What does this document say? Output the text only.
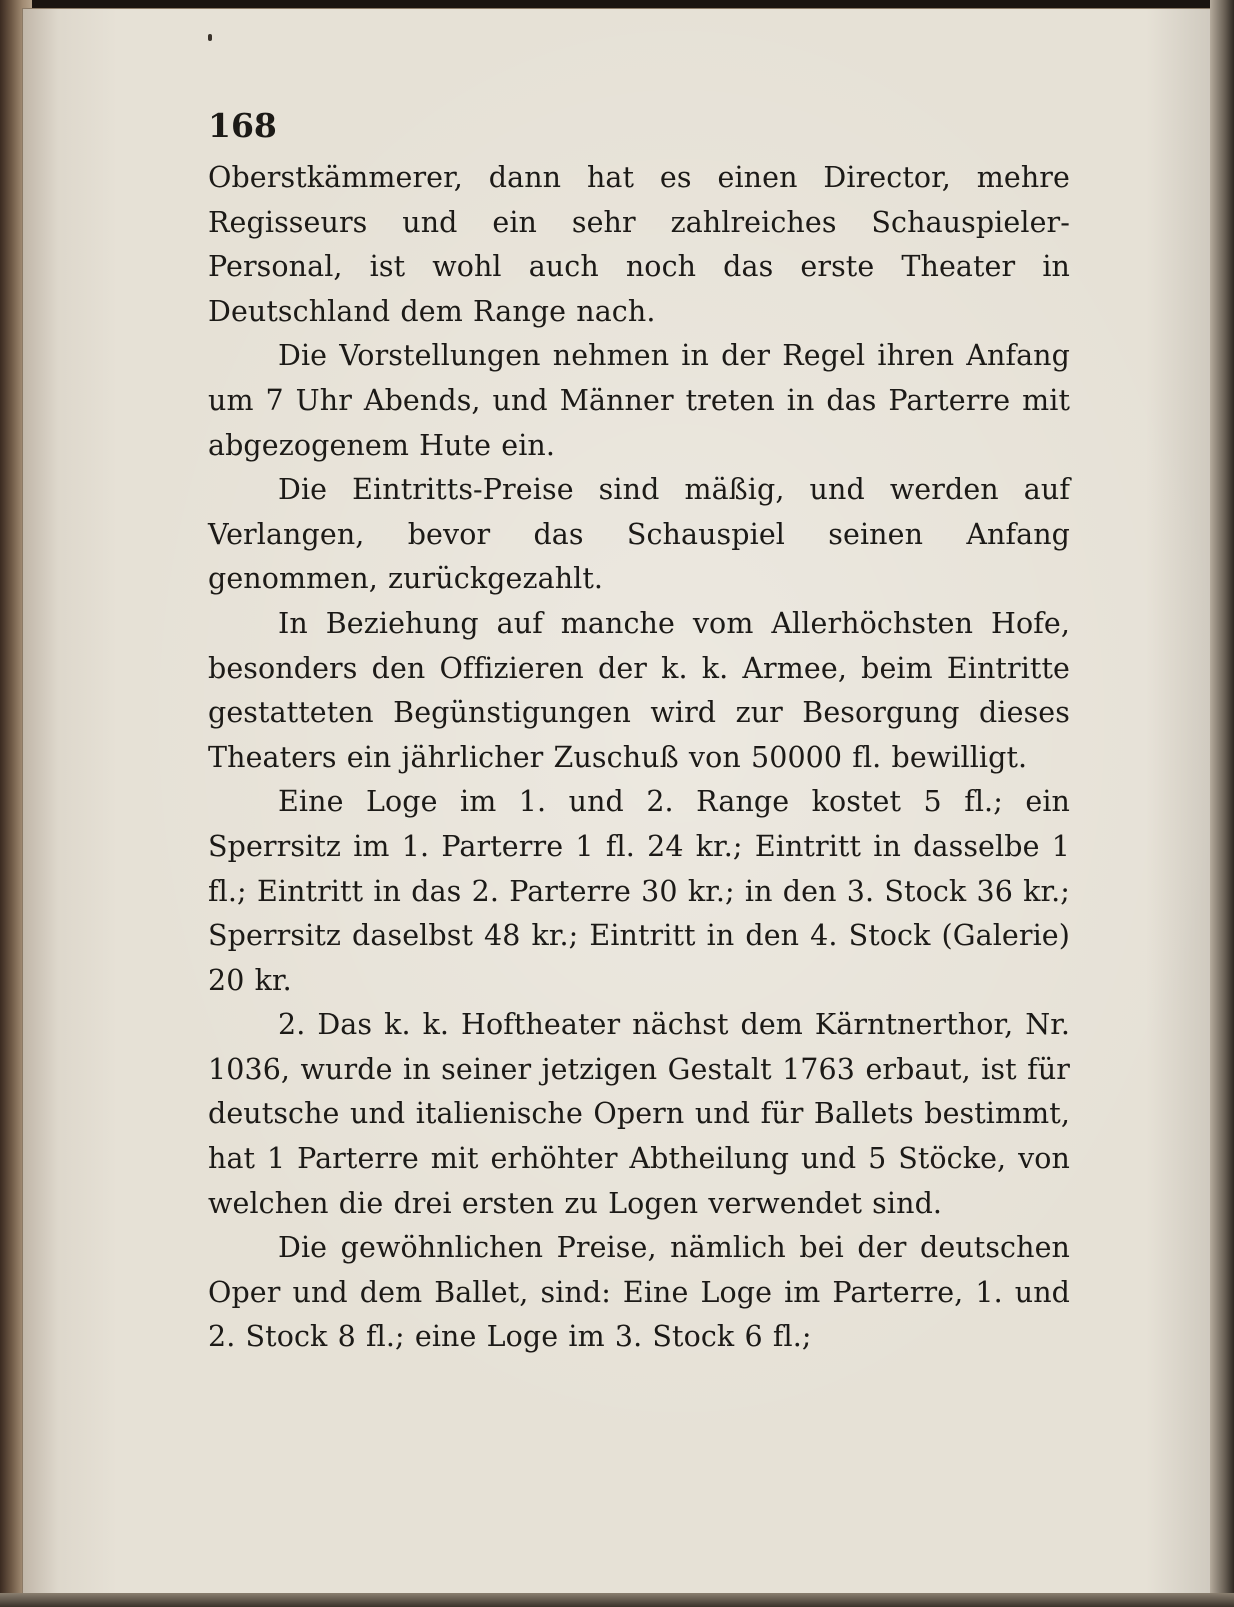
168

Oberstkämmerer, dann hat es einen Director, mehre Regisseurs und ein sehr zahlreiches Schauspieler-Personal, ist wohl auch noch das erste Theater in Deutschland dem Range nach.

Die Vorstellungen nehmen in der Regel ihren Anfang um 7 Uhr Abends, und Männer treten in das Parterre mit abgezogenem Hute ein.

Die Eintritts-Preise sind mäßig, und werden auf Verlangen, bevor das Schauspiel seinen Anfang genommen, zurückgezahlt.

In Beziehung auf manche vom Allerhöchsten Hofe, besonders den Offizieren der k. k. Armee, beim Eintritte gestatteten Begünstigungen wird zur Besorgung dieses Theaters ein jährlicher Zuschuß von 50000 fl. bewilligt.

Eine Loge im 1. und 2. Range kostet 5 fl.; ein Sperrsitz im 1. Parterre 1 fl. 24 kr.; Eintritt in dasselbe 1 fl.; Eintritt in das 2. Parterre 30 kr.; in den 3. Stock 36 kr.; Sperrsitz daselbst 48 kr.; Eintritt in den 4. Stock (Galerie) 20 kr.

2. Das k. k. Hoftheater nächst dem Kärntnerthor, Nr. 1036, wurde in seiner jetzigen Gestalt 1763 erbaut, ist für deutsche und italienische Opern und für Ballets bestimmt, hat 1 Parterre mit erhöhter Abtheilung und 5 Stöcke, von welchen die drei ersten zu Logen verwendet sind.

Die gewöhnlichen Preise, nämlich bei der deutschen Oper und dem Ballet, sind: Eine Loge im Parterre, 1. und 2. Stock 8 fl.; eine Loge im 3. Stock 6 fl.;
